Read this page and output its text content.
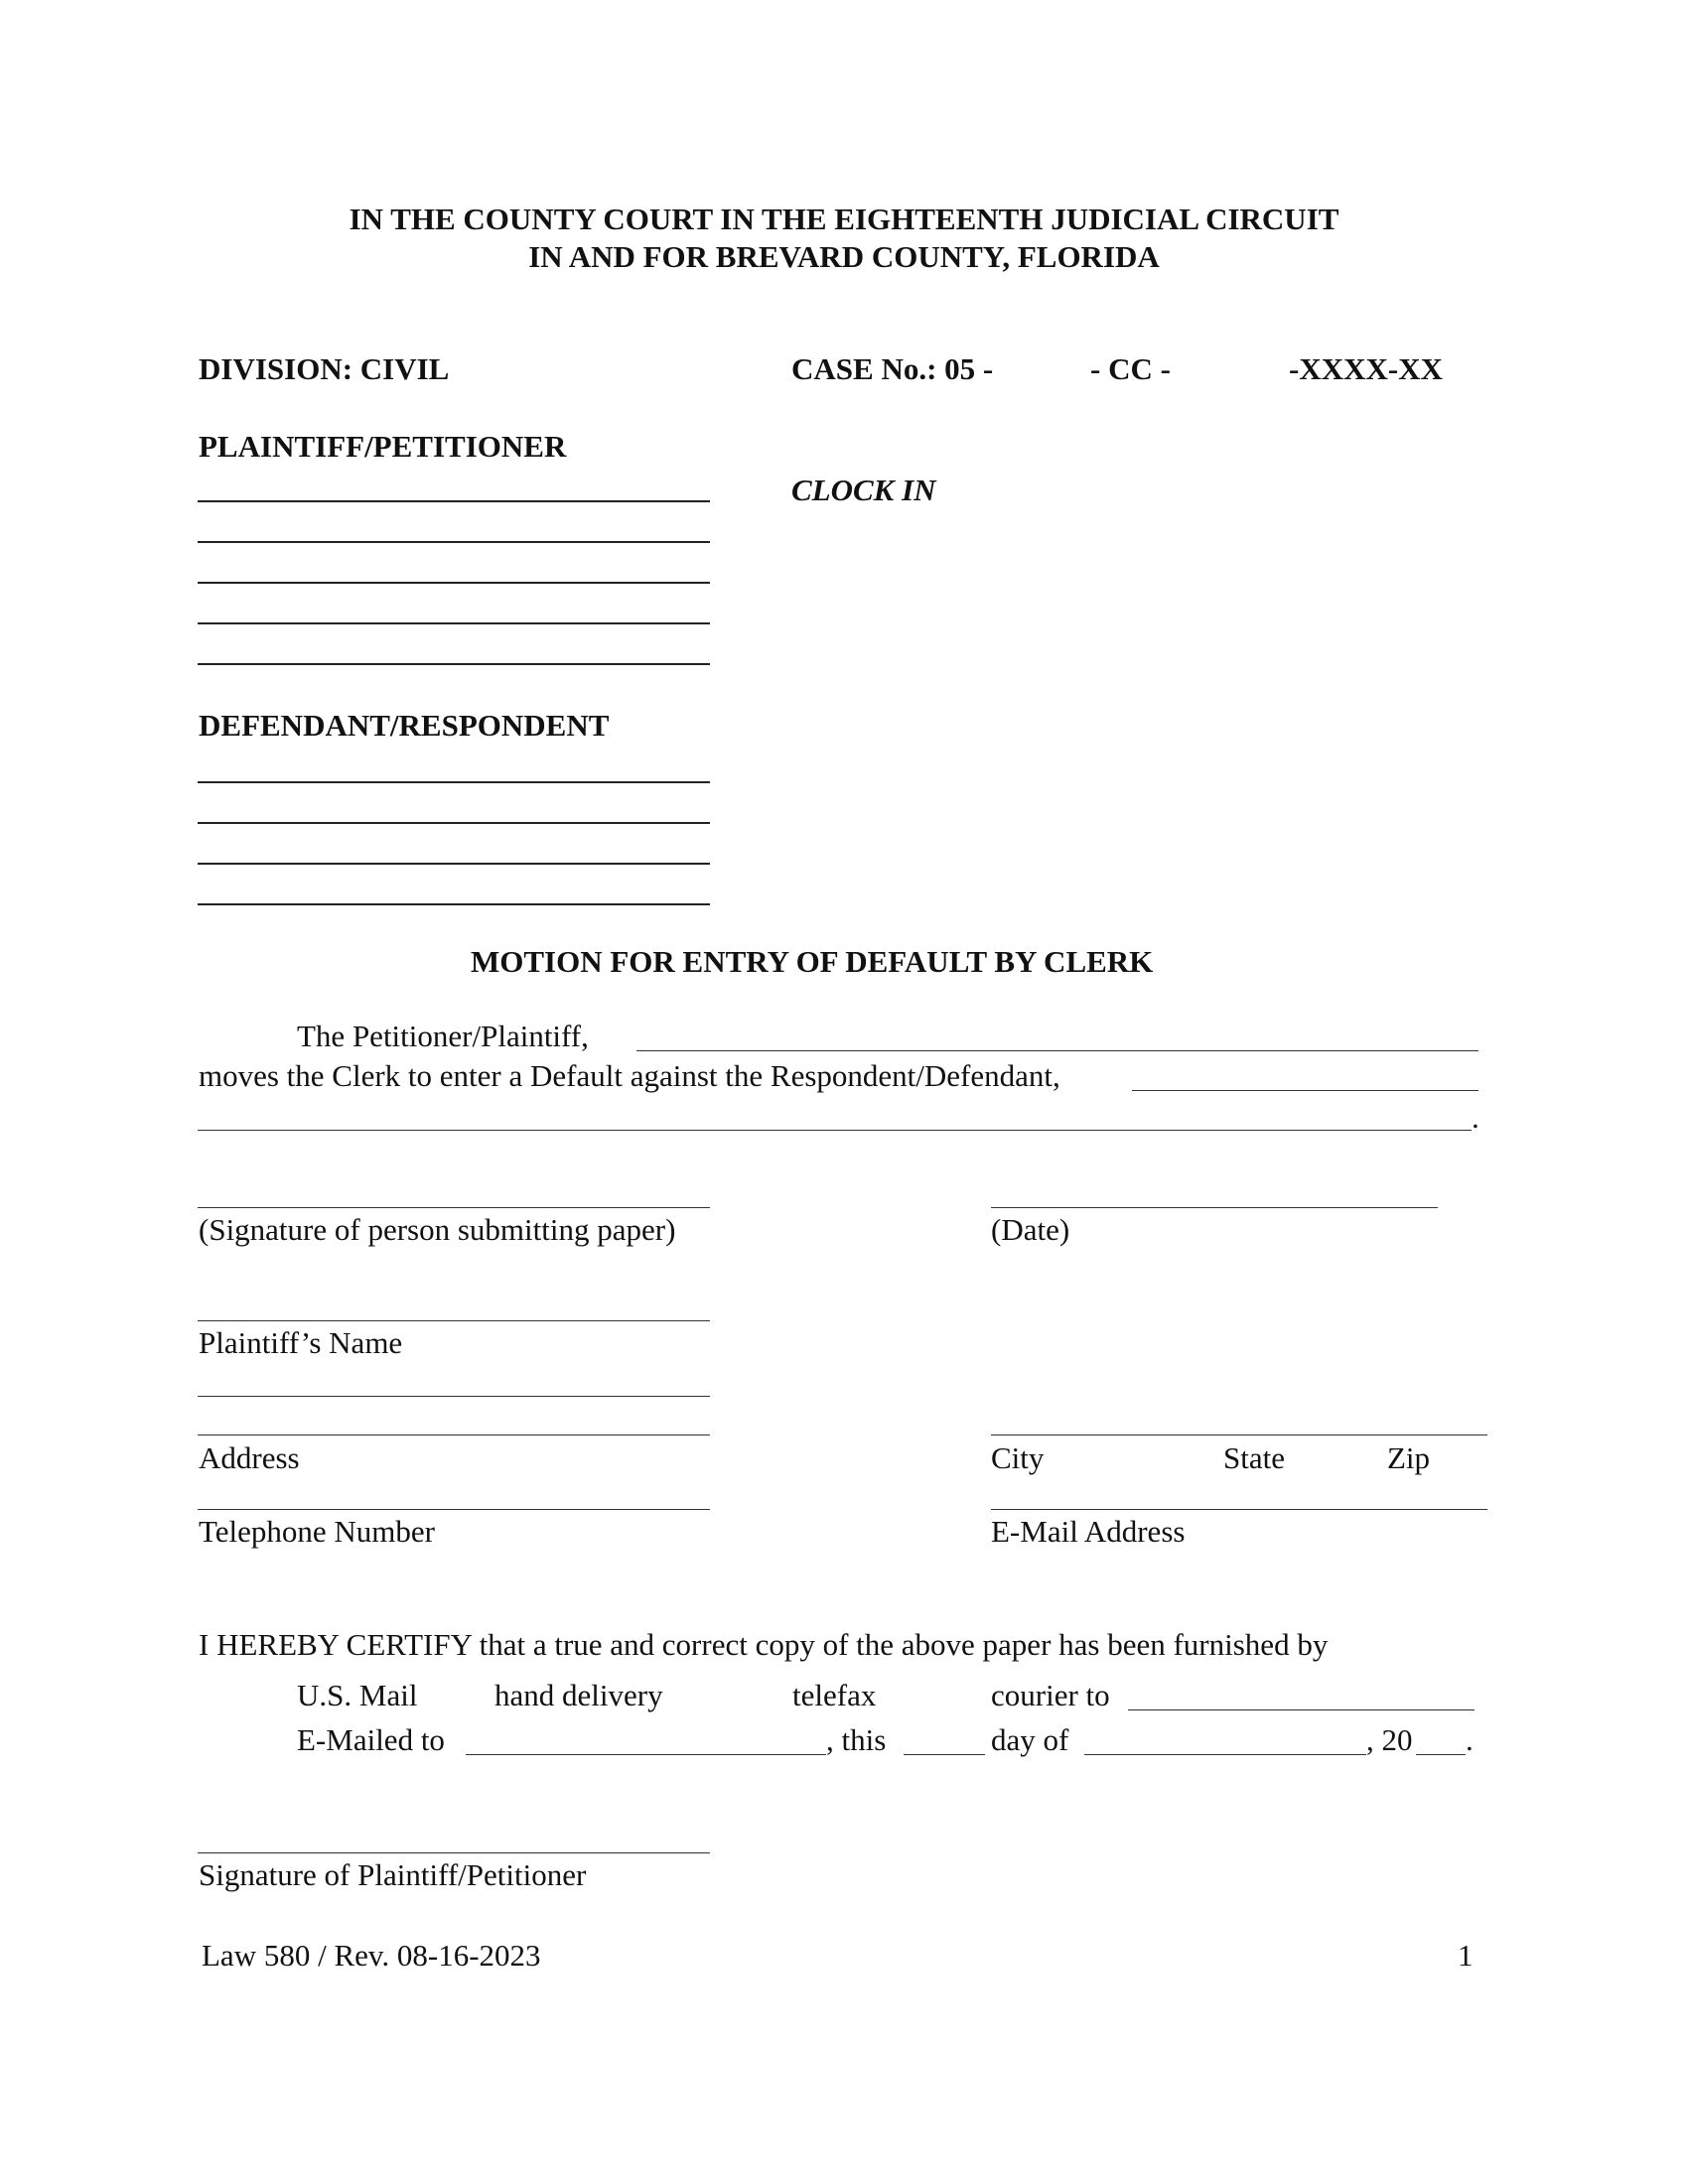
IN THE COUNTY COURT IN THE EIGHTEENTH JUDICIAL CIRCUIT
IN AND FOR BREVARD COUNTY, FLORIDA
DIVISION: CIVIL	CASE No.: 05 -	- CC -	-XXXX-XX
PLAINTIFF/PETITIONER
CLOCK IN
DEFENDANT/RESPONDENT
MOTION FOR ENTRY OF DEFAULT BY CLERK
The Petitioner/Plaintiff,
moves the Clerk to enter a Default against the Respondent/Defendant,
.
(Signature of person submitting paper)	(Date)
Plaintiff’s Name
Address	City	State	Zip
Telephone Number	E-Mail Address
I HEREBY CERTIFY that a true and correct copy of the above paper has been furnished by
U.S. Mail	hand delivery	telefax	courier to
E-Mailed to	, this	day of	, 20 .
Signature of Plaintiff/Petitioner
Law 580 / Rev. 08-16-2023	1
